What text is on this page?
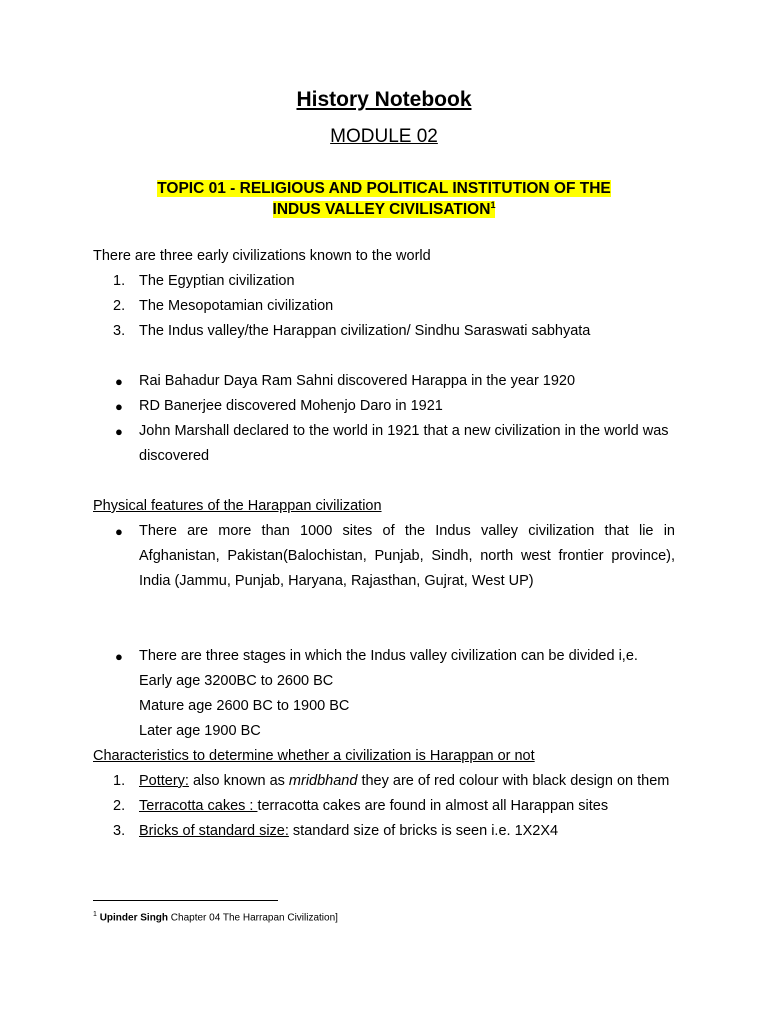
History Notebook
MODULE 02
TOPIC 01 - RELIGIOUS AND POLITICAL INSTITUTION OF THE
INDUS VALLEY CIVILISATION$^1$

There are three early civilizations known to the world

1. The Egyptian civilization
2. The Mesopotamian civilization
3. The Indus valley/the Harappan civilization/ Sindhu Saraswati sabhyata
● Rai Bahadur Daya Ram Sahni discovered Harappa in the year 1920
● RD Banerjee discovered Mohenjo Daro in 1921
● John Marshall declared to the world in 1921 that a new civilization in the world was discovered

Physical features of the Harappan civilization

● There are more than 1000 sites of the Indus valley civilization that lie in Afghanistan, Pakistan(Balochistan, Punjab, Sindh, north west frontier province), India (Jammu, Punjab, Haryana, Rajasthan, Gujrat, West UP)
● There are three stages in which the Indus valley civilization can be divided i,e.
Early age 3200BC to 2600 BC
Mature age 2600 BC to 1900 BC
Later age 1900 BC

Characteristics to determine whether a civilization is Harappan or not

1. Pottery: also known as mridbhand they are of red colour with black design on them
2. Terracotta cakes : terracotta cakes are found in almost all Harappan sites
3. Bricks of standard size: standard size of bricks is seen i.e. 1X2X4
$^1$ Upinder Singh Chapter 04 The Harrapan Civilization]
